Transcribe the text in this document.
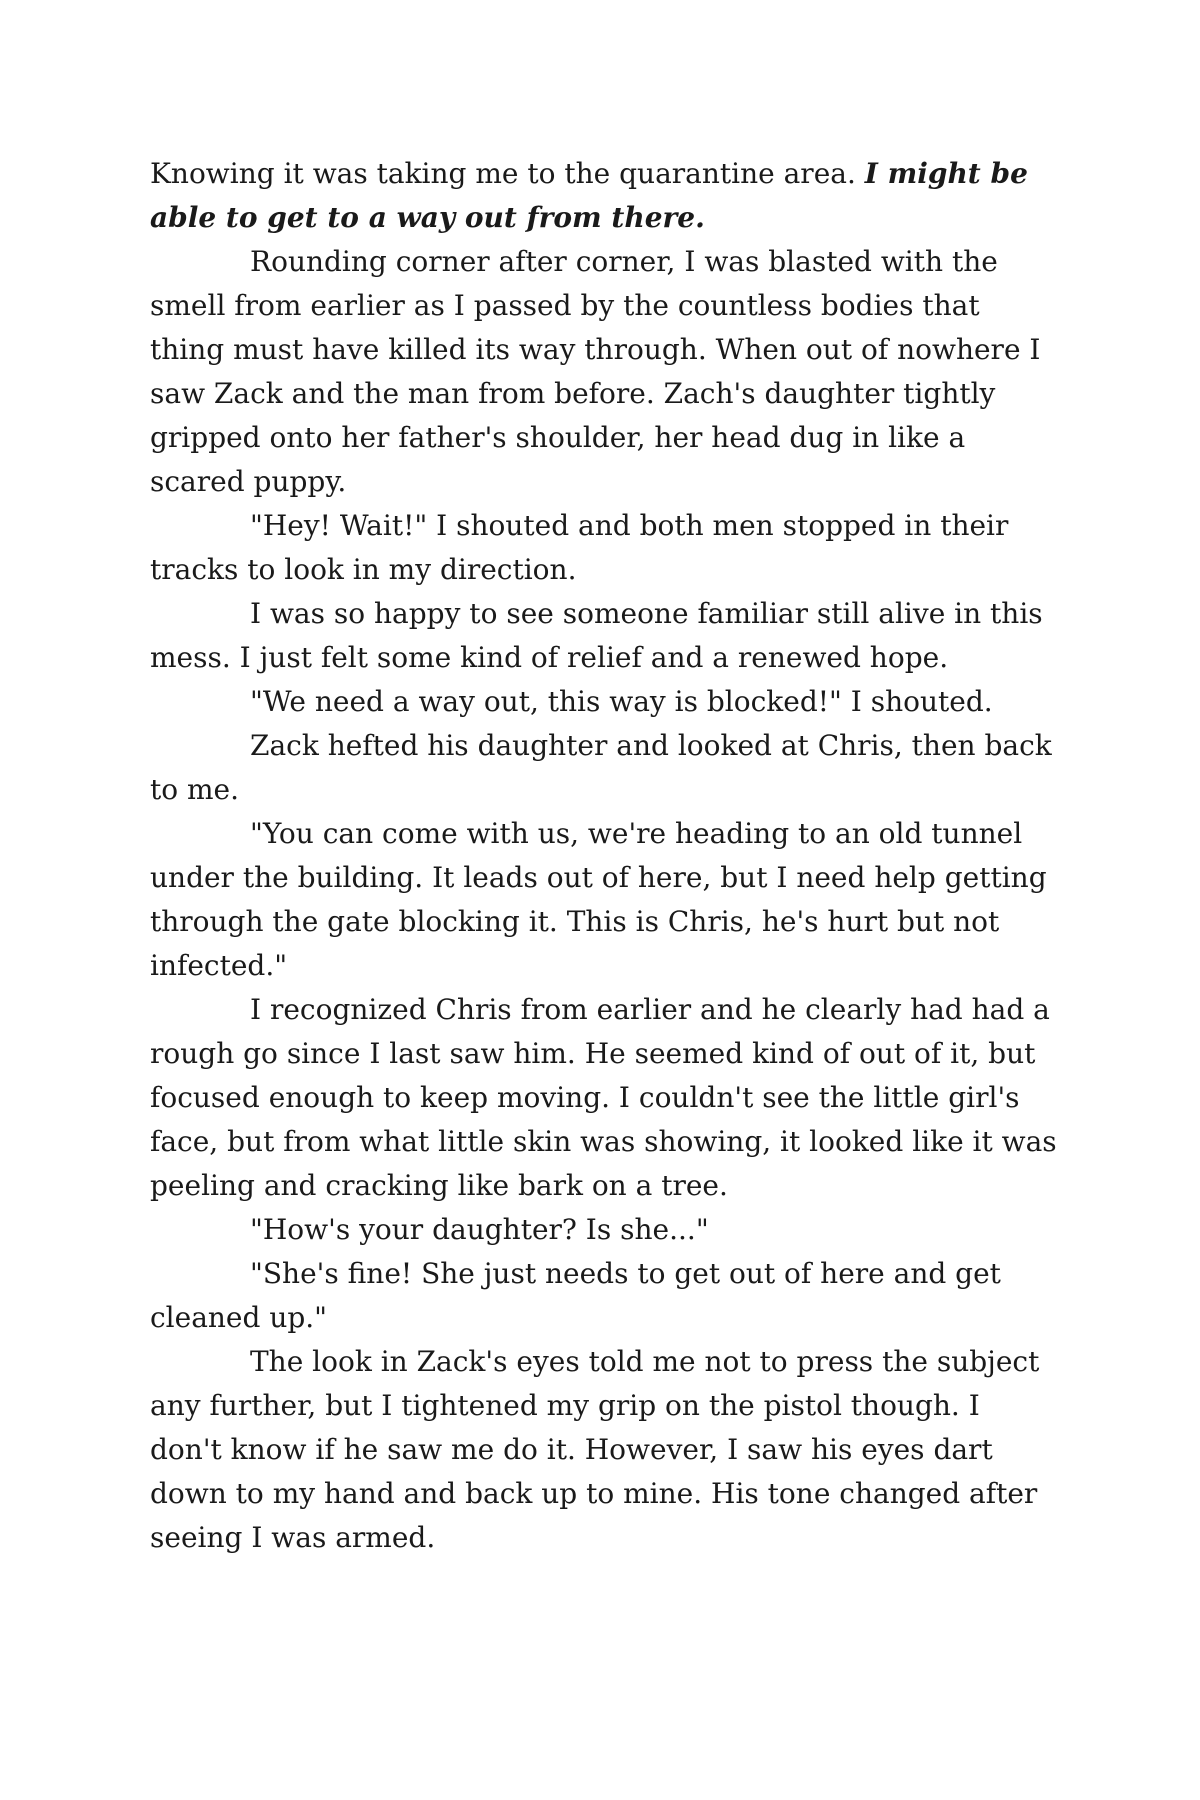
Knowing it was taking me to the quarantine area. I might be able to get to a way out from there.

Rounding corner after corner, I was blasted with the smell from earlier as I passed by the countless bodies that thing must have killed its way through. When out of nowhere I saw Zack and the man from before. Zach's daughter tightly gripped onto her father's shoulder, her head dug in like a scared puppy.

"Hey! Wait!" I shouted and both men stopped in their tracks to look in my direction.

I was so happy to see someone familiar still alive in this mess. I just felt some kind of relief and a renewed hope.

"We need a way out, this way is blocked!" I shouted.

Zack hefted his daughter and looked at Chris, then back to me.

"You can come with us, we're heading to an old tunnel under the building. It leads out of here, but I need help getting through the gate blocking it. This is Chris, he's hurt but not infected."

I recognized Chris from earlier and he clearly had had a rough go since I last saw him. He seemed kind of out of it, but focused enough to keep moving. I couldn't see the little girl's face, but from what little skin was showing, it looked like it was peeling and cracking like bark on a tree.

"How's your daughter? Is she..."

"She's fine! She just needs to get out of here and get cleaned up."

The look in Zack's eyes told me not to press the subject any further, but I tightened my grip on the pistol though. I don't know if he saw me do it. However, I saw his eyes dart down to my hand and back up to mine. His tone changed after seeing I was armed.
